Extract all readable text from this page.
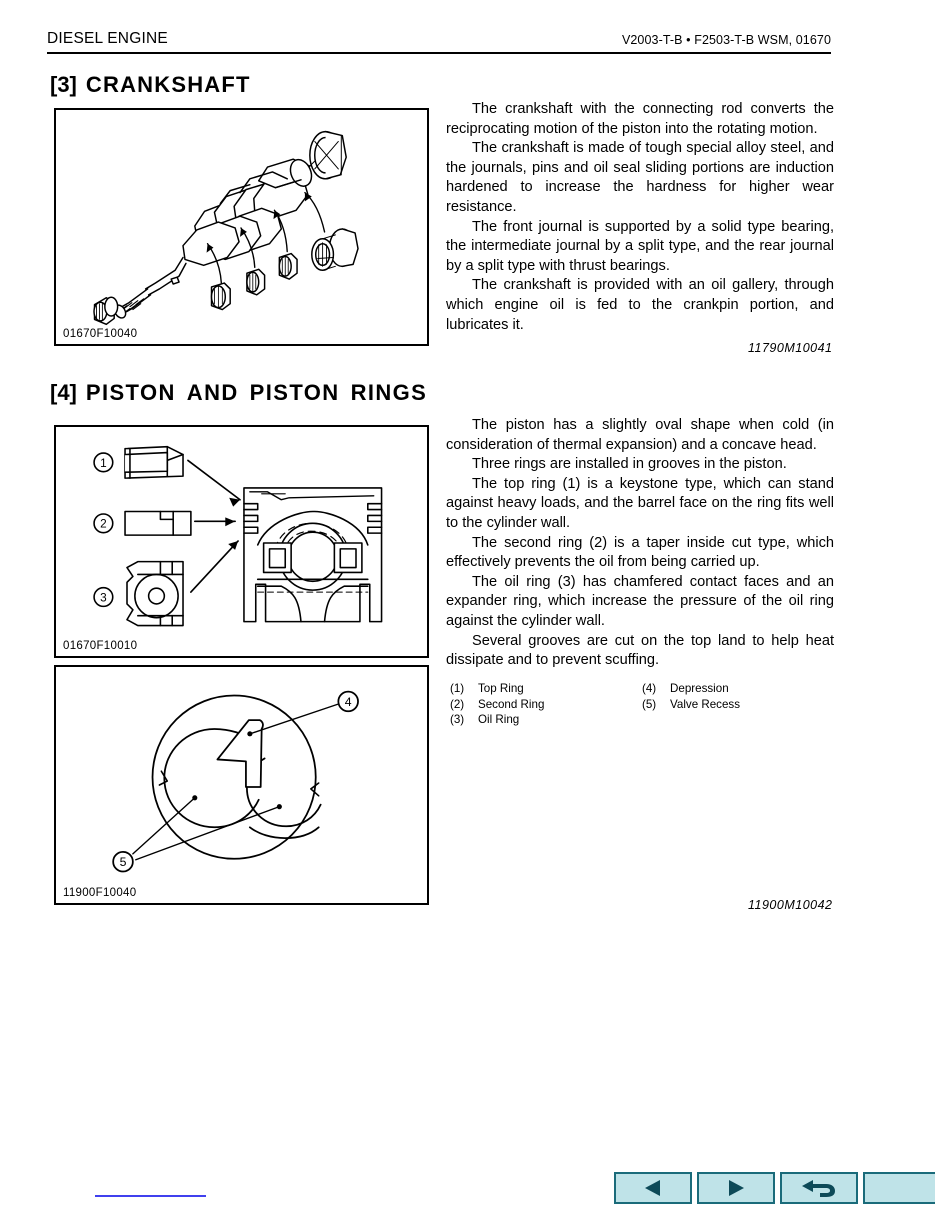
DIESEL ENGINE	V2003-T-B • F2503-T-B WSM, 01670
[3] CRANKSHAFT
01670F10040

The crankshaft with the connecting rod converts the reciprocating motion of the piston into the rotating motion.

The crankshaft is made of tough special alloy steel, and the journals, pins and oil seal sliding portions are induction hardened to increase the hardness for higher wear resistance.

The front journal is supported by a solid type bearing, the intermediate journal by a split type, and the rear journal by a split type with thrust bearings.

The crankshaft is provided with an oil gallery, through which engine oil is fed to the crankpin portion, and lubricates it.

11790M10041
[4] PISTON AND PISTON RINGS
1
2
3
01670F10010
4
5
11900F10040

The piston has a slightly oval shape when cold (in consideration of thermal expansion) and a concave head.

Three rings are installed in grooves in the piston.

The top ring (1) is a keystone type, which can stand against heavy loads, and the barrel face on the ring fits well to the cylinder wall.

The second ring (2) is a taper inside cut type, which effectively prevents the oil from being carried up.

The oil ring (3) has chamfered contact faces and an expander ring, which increase the pressure of the oil ring against the cylinder wall.

Several grooves are cut on the top land to help heat dissipate and to prevent scuffing.

(1)	Top Ring
(2)	Second Ring
(3)	Oil Ring
(4)	Depression
(5)	Valve Recess
11900M10042
